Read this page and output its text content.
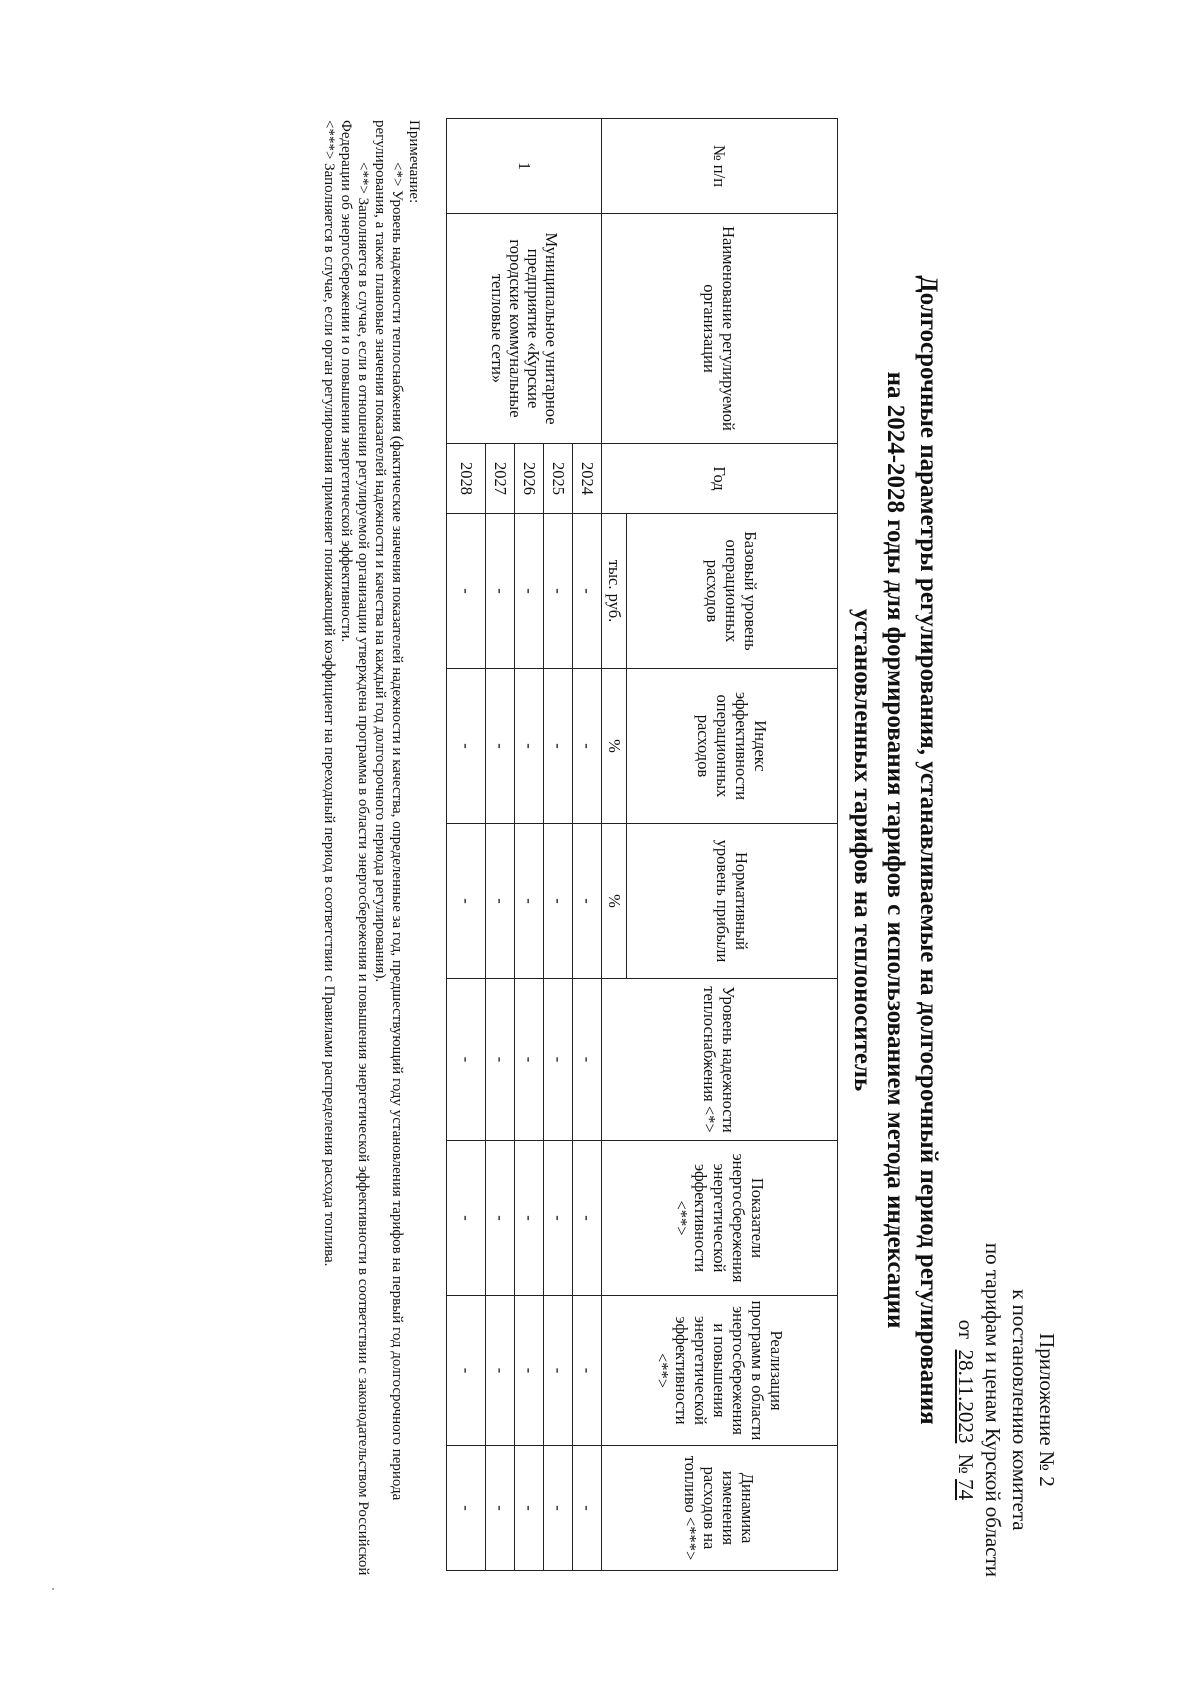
Приложение № 2
к постановлению комитета
по тарифам и ценам Курской области
от  28.11.2023  № 74
Долгосрочные параметры регулирования, устанавливаемые на долгосрочный период регулирования
на 2024-2028 годы для формирования тарифов с использованием метода индексации
установленных тарифов на теплоноситель
№ п/п	Наименование регулируемой организации	Год	Базовый уровень операционных расходов	Индекс эффективности операционных расходов	Нормативный уровень прибыли	Уровень надежности теплоснабжения <*>	Показатели энергосбережения энергетической эффективности <**>	Реализация программ в области энергосбережения и повышения энергетической эффективности <**>	Динамика изменения расходов на топливо <***>
			тыс. руб.	%	%				
1	Муниципальное унитарное предприятие «Курские городские коммунальные тепловые сети»	2024	-	-	-	-	-	-	-
		2025	-	-	-	-	-	-	-
		2026	-	-	-	-	-	-	-
		2027	-	-	-	-	-	-	-
		2028	-	-	-	-	-	-	-

Примечание:

<*> Уровень надежности теплоснабжения (фактические значения показателей надежности и качества, определенные за год, предшествующий году установления тарифов на первый год долгосрочного периода регулирования, а также плановые значения показателей надежности и качества на каждый год долгосрочного периода регулирования).

<**> Заполняется в случае, если в отношении регулируемой организации утверждена программа в области энергосбережения и повышения энергетической эффективности в соответствии с законодательством Российской Федерации об энергосбережении и о повышении энергетической эффективности.

<***> Заполняется в случае, если орган регулирования применяет понижающий коэффициент на переходный период в соответствии с Правилами распределения расхода топлива.
